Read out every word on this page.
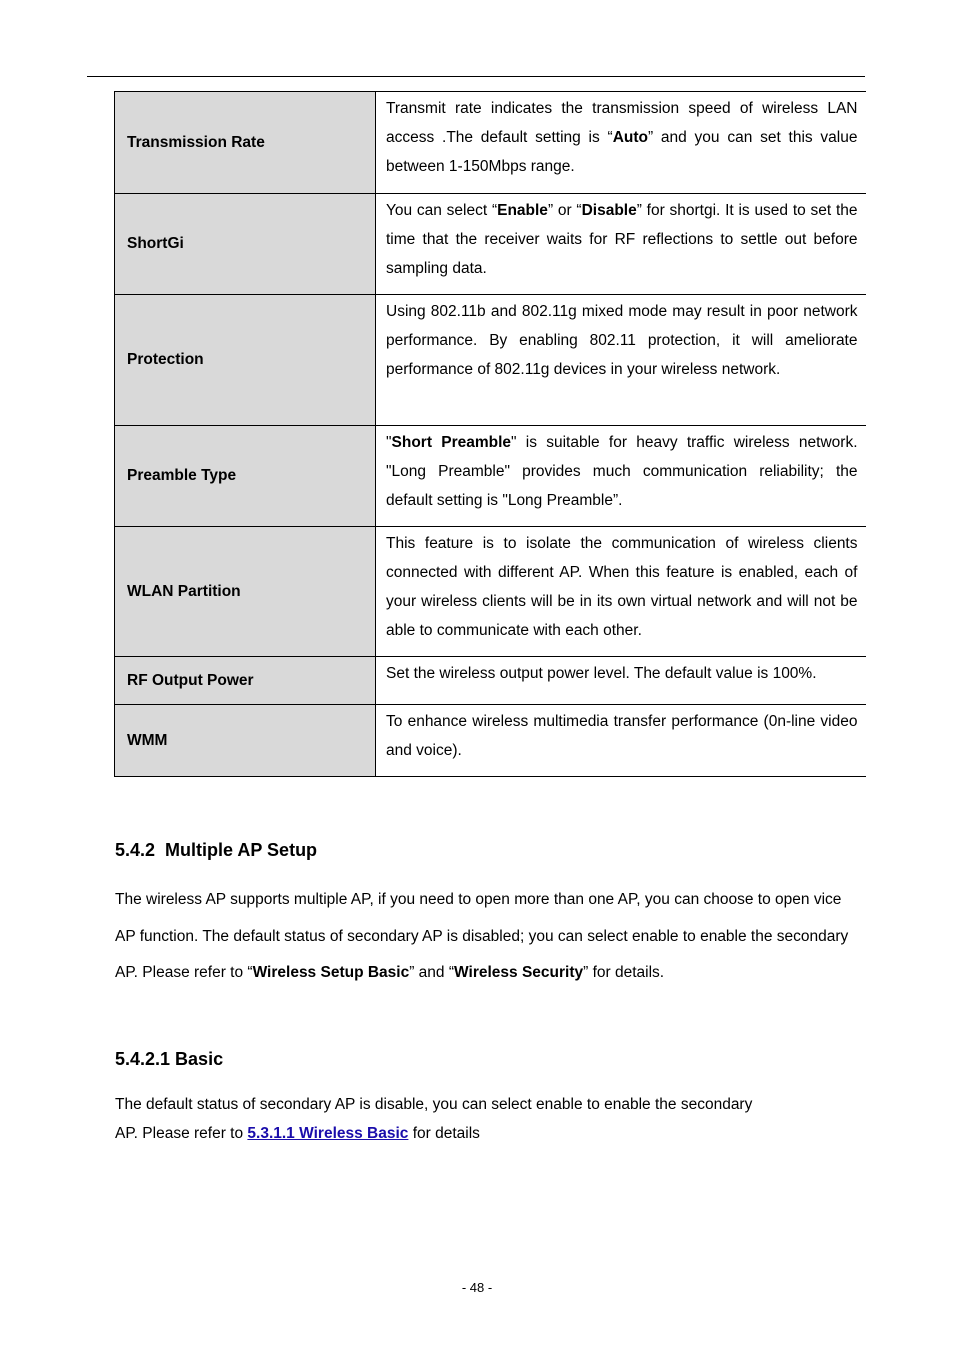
Transmission Rate	Transmit rate indicates the transmission speed of wireless LAN access .The default setting is “Auto” and you can set this value between 1-150Mbps range.
ShortGi	You can select “Enable” or “Disable” for shortgi. It is used to set the time that the receiver waits for RF reflections to settle out before sampling data.
Protection	Using 802.11b and 802.11g mixed mode may result in poor network performance. By enabling 802.11 protection, it will ameliorate performance of 802.11g devices in your wireless network.
Preamble Type	"Short Preamble" is suitable for heavy traffic wireless network. "Long Preamble" provides much communication reliability; the default setting is "Long Preamble”.
WLAN Partition	This feature is to isolate the communication of wireless clients connected with different AP. When this feature is enabled, each of your wireless clients will be in its own virtual network and will not be able to communicate with each other.
RF Output Power	Set the wireless output power level. The default value is 100%.
WMM	To enhance wireless multimedia transfer performance (0n-line video and voice).
5.4.2 Multiple AP Setup
The wireless AP supports multiple AP, if you need to open more than one AP, you can choose to open vice AP function. The default status of secondary AP is disabled; you can select enable to enable the secondary AP. Please refer to “Wireless Setup Basic” and “Wireless Security” for details.
5.4.2.1 Basic
The default status of secondary AP is disable, you can select enable to enable the secondary
AP. Please refer to 5.3.1.1 Wireless Basic for details
- 48 -
